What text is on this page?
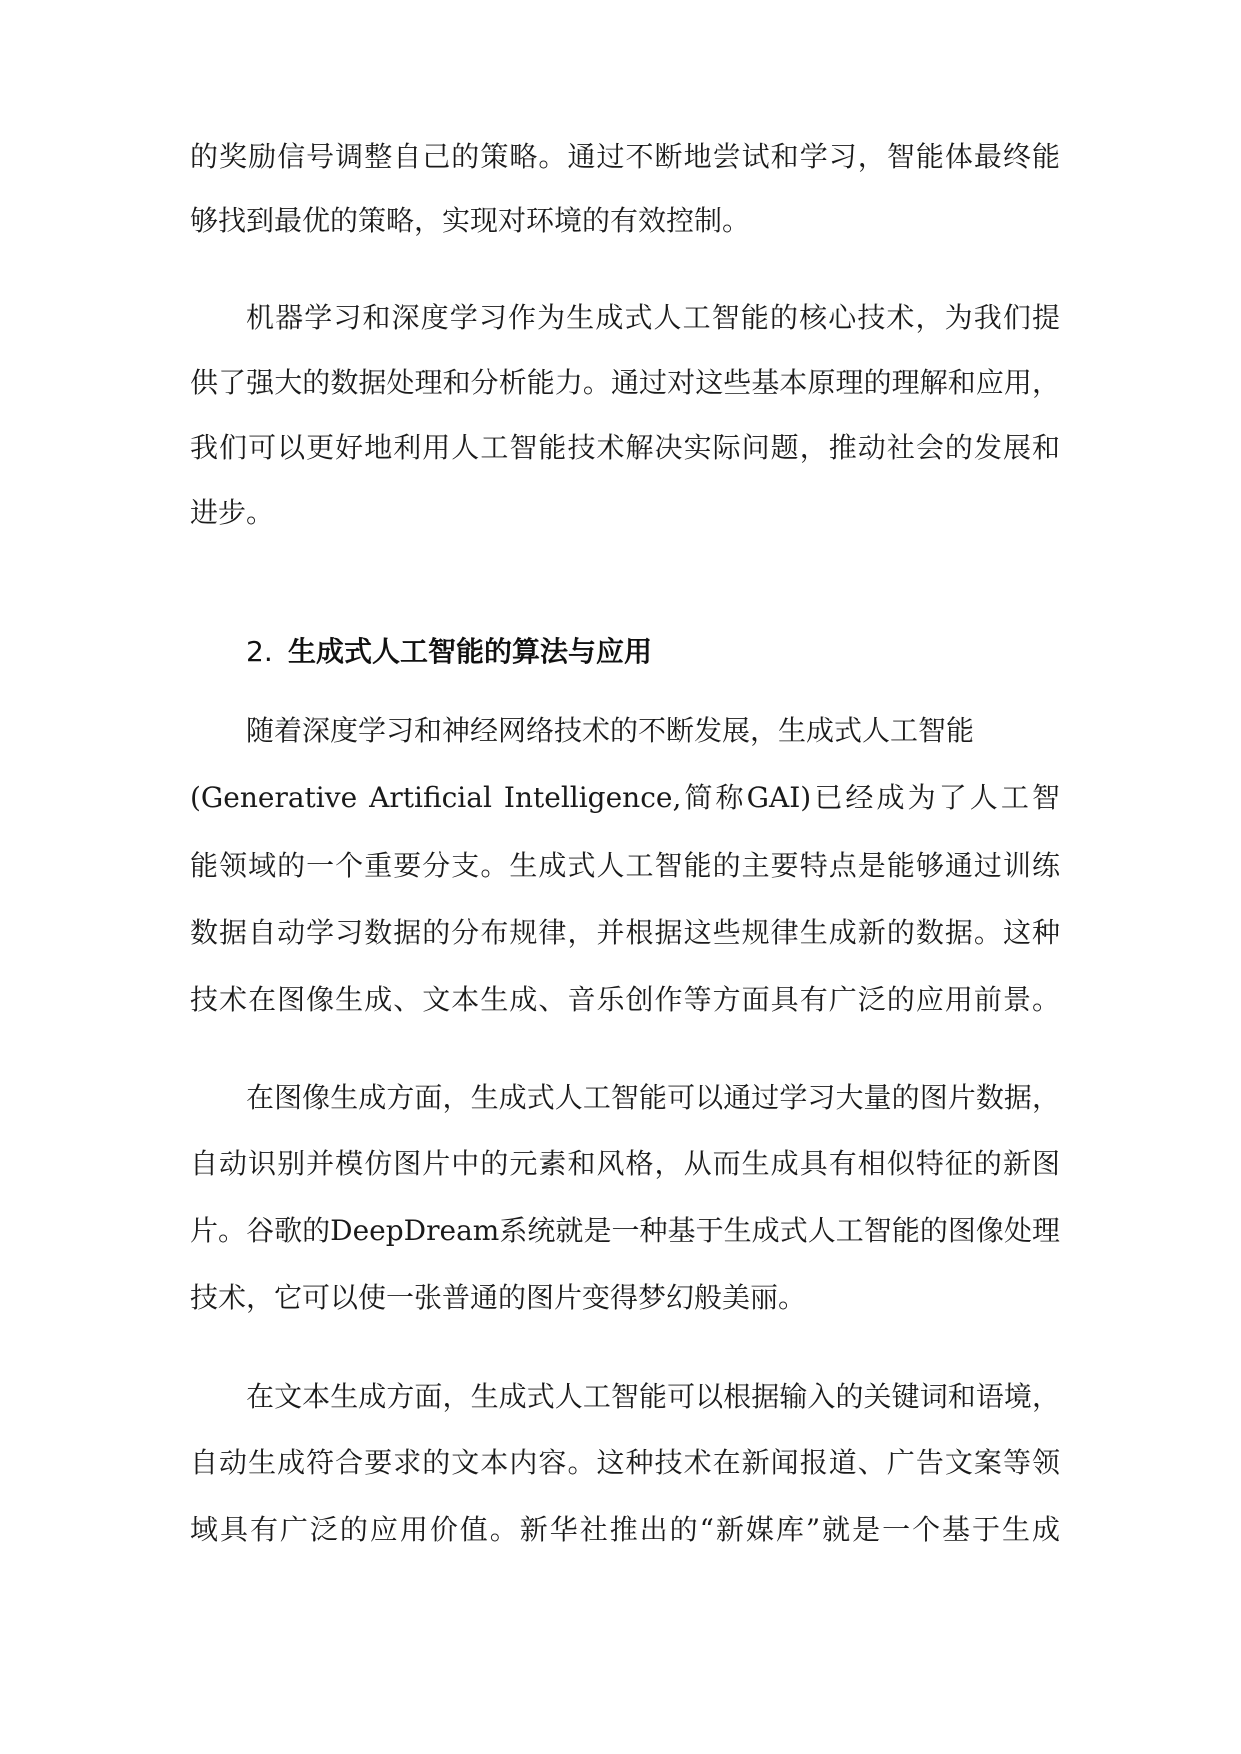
的奖励信号调整自己的策略。通过不断地尝试和学习，智能体最终能
够找到最优的策略，实现对环境的有效控制。
机器学习和深度学习作为生成式人工智能的核心技术，为我们提
供了强大的数据处理和分析能力。通过对这些基本原理的理解和应用，
我们可以更好地利用人工智能技术解决实际问题，推动社会的发展和
进步。
2. 生成式人工智能的算法与应用
随着深度学习和神经网络技术的不断发展，生成式人工智能
(Generative Artificial Intelligence,简称GAI)已经成为了人工智
能领域的一个重要分支。生成式人工智能的主要特点是能够通过训练
数据自动学习数据的分布规律，并根据这些规律生成新的数据。这种
技术在图像生成、文本生成、音乐创作等方面具有广泛的应用前景。
在图像生成方面，生成式人工智能可以通过学习大量的图片数据，
自动识别并模仿图片中的元素和风格，从而生成具有相似特征的新图
片。谷歌的DeepDream系统就是一种基于生成式人工智能的图像处理
技术，它可以使一张普通的图片变得梦幻般美丽。
在文本生成方面，生成式人工智能可以根据输入的关键词和语境，
自动生成符合要求的文本内容。这种技术在新闻报道、广告文案等领
域具有广泛的应用价值。新华社推出的“新媒库”就是一个基于生成
